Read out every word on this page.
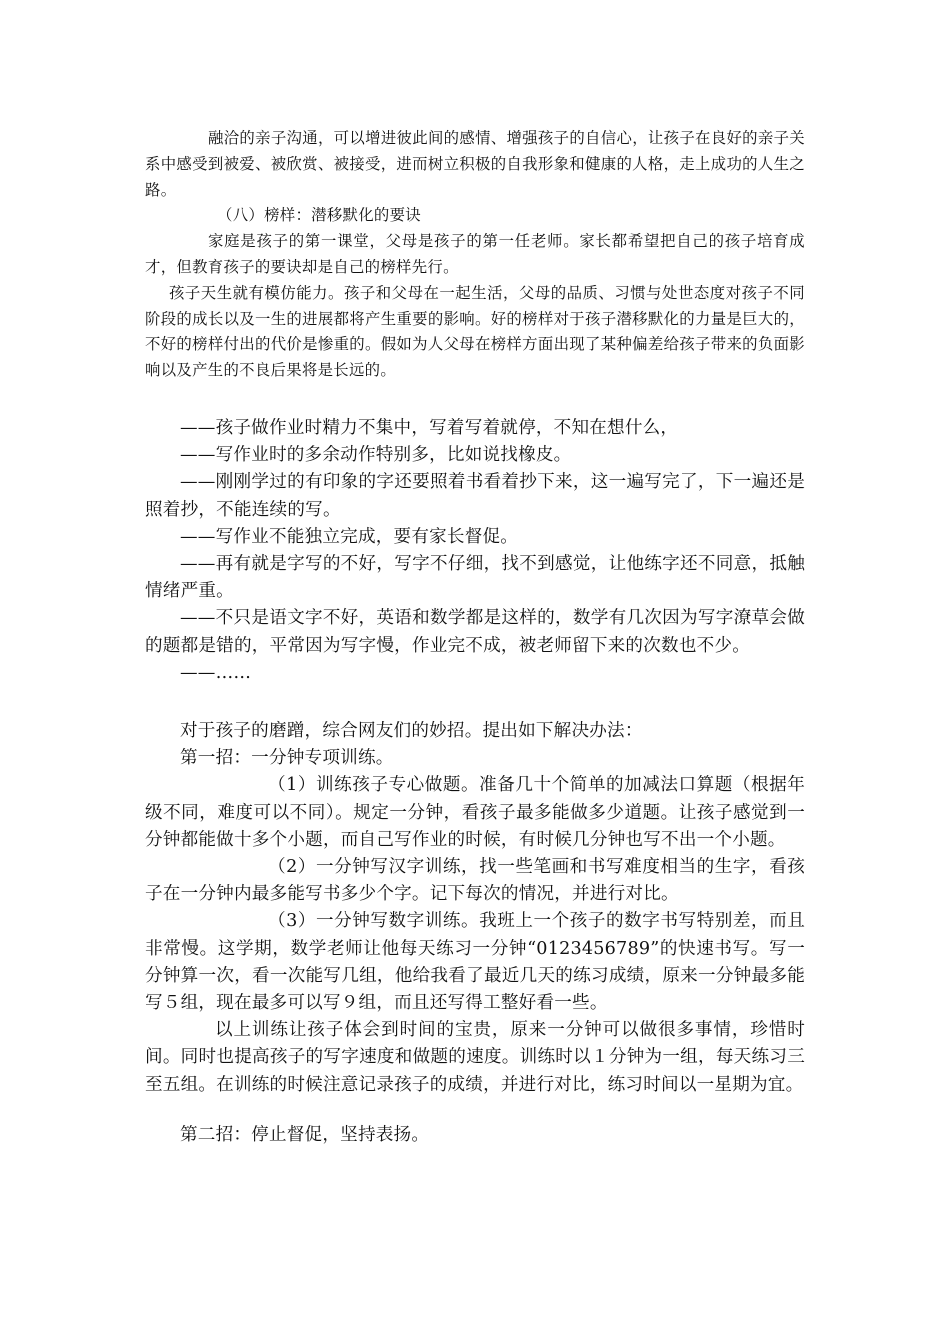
融洽的亲子沟通，可以增进彼此间的感情、增强孩子的自信心，让孩子在良好的亲子关系中感受到被爱、被欣赏、被接受，进而树立积极的自我形象和健康的人格，走上成功的人生之路。

（八）榜样：潜移默化的要诀

家庭是孩子的第一课堂，父母是孩子的第一任老师。家长都希望把自己的孩子培育成才，但教育孩子的要诀却是自己的榜样先行。

孩子天生就有模仿能力。孩子和父母在一起生活，父母的品质、习惯与处世态度对孩子不同阶段的成长以及一生的进展都将产生重要的影响。好的榜样对于孩子潜移默化的力量是巨大的，不好的榜样付出的代价是惨重的。假如为人父母在榜样方面出现了某种偏差给孩子带来的负面影响以及产生的不良后果将是长远的。

——孩子做作业时精力不集中，写着写着就停，不知在想什么，

——写作业时的多余动作特别多，比如说找橡皮。

——刚刚学过的有印象的字还要照着书看着抄下来，这一遍写完了，下一遍还是照着抄，不能连续的写。

——写作业不能独立完成，要有家长督促。

——再有就是字写的不好，写字不仔细，找不到感觉，让他练字还不同意，抵触情绪严重。

——不只是语文字不好，英语和数学都是这样的，数学有几次因为写字潦草会做的题都是错的，平常因为写字慢，作业完不成，被老师留下来的次数也不少。

——……

对于孩子的磨蹭，综合网友们的妙招。提出如下解决办法：

第一招：一分钟专项训练。

（1）训练孩子专心做题。准备几十个简单的加减法口算题（根据年级不同，难度可以不同）。规定一分钟，看孩子最多能做多少道题。让孩子感觉到一分钟都能做十多个小题，而自己写作业的时候，有时候几分钟也写不出一个小题。

（2）一分钟写汉字训练，找一些笔画和书写难度相当的生字，看孩子在一分钟内最多能写书多少个字。记下每次的情况，并进行对比。

（3）一分钟写数字训练。我班上一个孩子的数字书写特别差，而且非常慢。这学期，数学老师让他每天练习一分钟“0123456789”的快速书写。写一分钟算一次，看一次能写几组，他给我看了最近几天的练习成绩，原来一分钟最多能写５组，现在最多可以写９组，而且还写得工整好看一些。

以上训练让孩子体会到时间的宝贵，原来一分钟可以做很多事情，珍惜时间。同时也提高孩子的写字速度和做题的速度。训练时以１分钟为一组，每天练习三至五组。在训练的时候注意记录孩子的成绩，并进行对比，练习时间以一星期为宜。

第二招：停止督促，坚持表扬。
